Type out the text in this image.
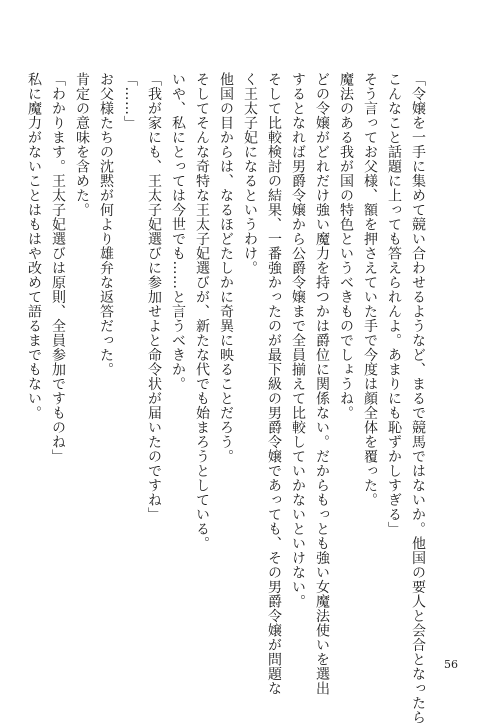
「令嬢を一手に集めて競い合わせるようなど、まるで競馬ではないか。他国の要人と会合となったら
こんなこと話題に上っても答えられんよ。あまりにも恥ずかしすぎる」
そう言ってお父様、額を押さえていた手で今度は顔全体を覆った。
魔法のある我が国の特色というべきものでしょうね。
どの令嬢がどれだけ強い魔力を持つかは爵位に関係ない。だからもっとも強い女魔法使いを選出
するとなれば男爵令嬢から公爵令嬢まで全員揃えて比較していかないといけない。
そして比較検討の結果、一番強かったのが最下級の男爵令嬢であっても、その男爵令嬢が問題な
く王太子妃になるというわけ。
他国の目からは、なるほどたしかに奇異に映ることだろう。
そしてそんな奇特な王太子妃選びが、新たな代でも始まろうとしている。
いや、私にとっては今世でも……と言うべきか。
「我が家にも、王太子妃選びに参加せよと命令状が届いたのですね」
「……」
お父様たちの沈黙が何より雄弁な返答だった。
肯定の意味を含めた。
「わかります。王太子妃選びは原則、全員参加ですものね」
私に魔力がないことはもはや改めて語るまでもない。
56
